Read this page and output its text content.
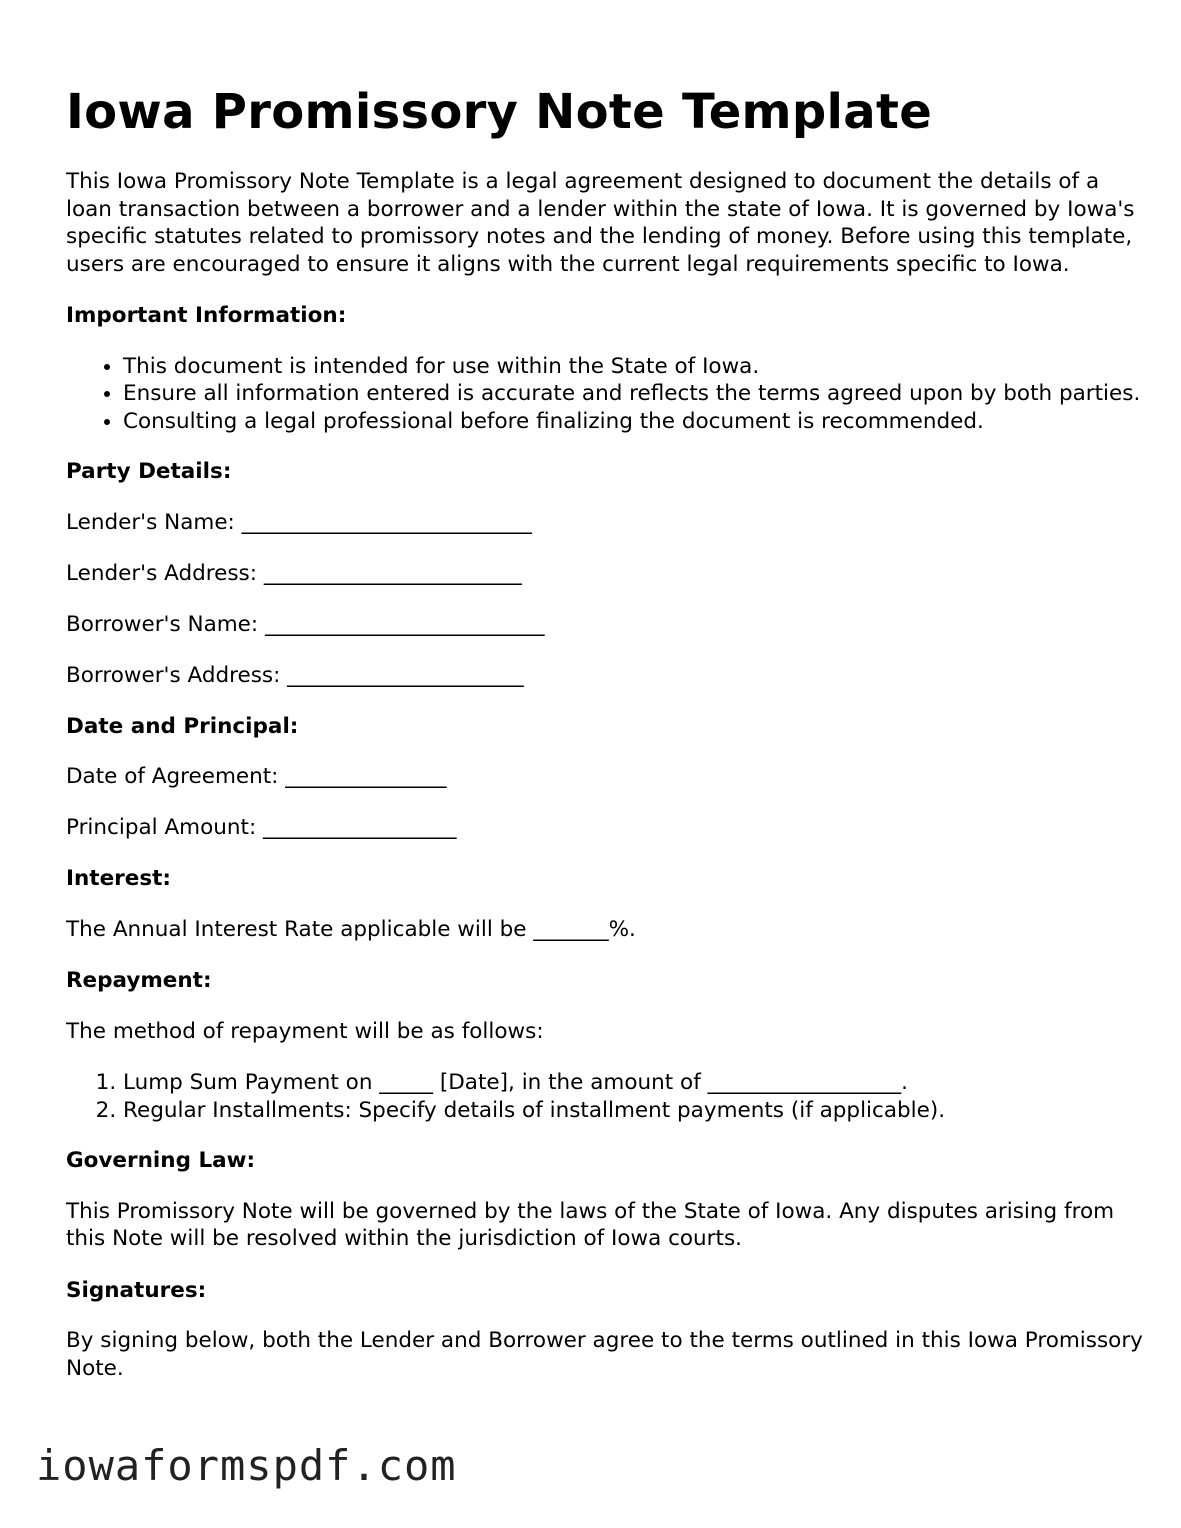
Iowa Promissory Note Template

This Iowa Promissory Note Template is a legal agreement designed to document the details of a loan transaction between a borrower and a lender within the state of Iowa. It is governed by Iowa's specific statutes related to promissory notes and the lending of money. Before using this template, users are encouraged to ensure it aligns with the current legal requirements specific to Iowa.

Important Information:
• This document is intended for use within the State of Iowa.
• Ensure all information entered is accurate and reflects the terms agreed upon by both parties.
• Consulting a legal professional before finalizing the document is recommended.
Party Details:
Lender's Name: ___________________________
Lender's Address: ________________________
Borrower's Name: __________________________
Borrower's Address: ______________________
Date and Principal:
Date of Agreement: _______________
Principal Amount: __________________
Interest:

The Annual Interest Rate applicable will be _______%.

Repayment:

The method of repayment will be as follows:

1. Lump Sum Payment on _____ [Date], in the amount of __________________.
2. Regular Installments: Specify details of installment payments (if applicable).
Governing Law:

This Promissory Note will be governed by the laws of the State of Iowa. Any disputes arising from this Note will be resolved within the jurisdiction of Iowa courts.

Signatures:

By signing below, both the Lender and Borrower agree to the terms outlined in this Iowa Promissory Note.

iowaformspdf.com
